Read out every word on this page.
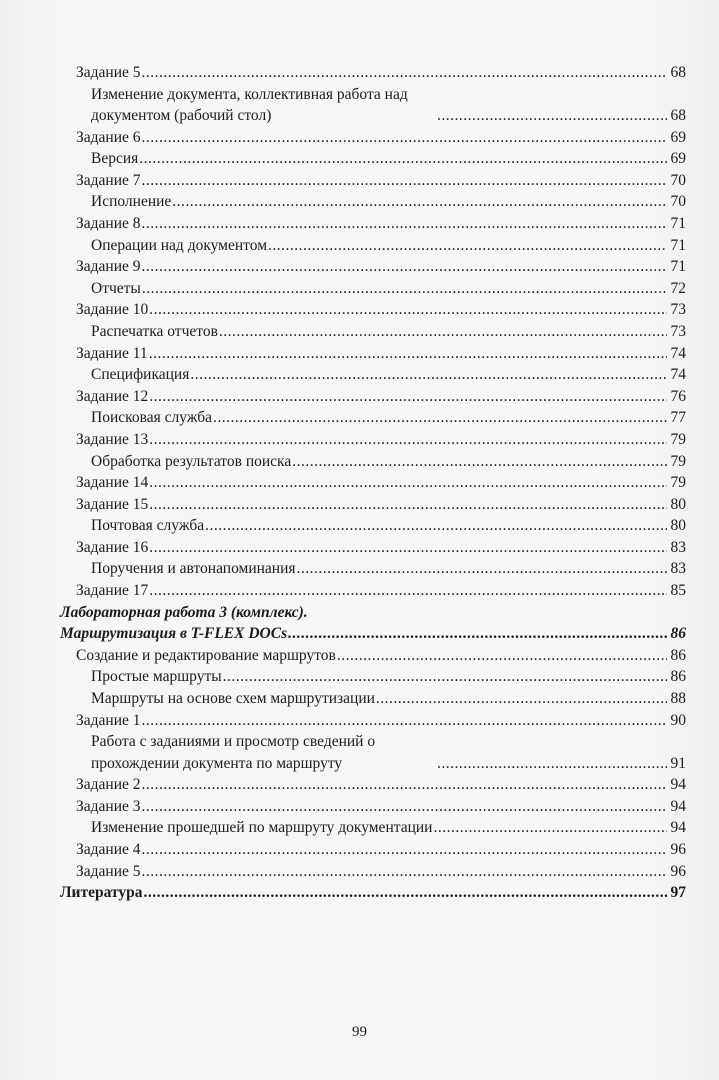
Задание 5 .....	68
Изменение документа, коллективная работа над документом (рабочий стол) .....	68
Задание 6 .....	69
Версия .....	69
Задание 7 .....	70
Исполнение .....	70
Задание 8 .....	71
Операции над документом .....	71
Задание 9 .....	71
Отчеты .....	72
Задание 10 .....	73
Распечатка отчетов .....	73
Задание 11 .....	74
Спецификация .....	74
Задание 12 .....	76
Поисковая служба .....	77
Задание 13 .....	79
Обработка результатов поиска .....	79
Задание 14 .....	79
Задание 15 .....	80
Почтовая служба .....	80
Задание 16 .....	83
Поручения и автонапоминания .....	83
Задание 17 .....	85
Лабораторная работа 3 (комплекс).
Маршрутизация в T-FLEX DOCs .....	86
Создание и редактирование маршрутов .....	86
Простые маршруты .....	86
Маршруты на основе схем маршрутизации .....	88
Задание 1 .....	90
Работа с заданиями и просмотр сведений о прохождении документа по маршруту .....	91
Задание 2 .....	94
Задание 3 .....	94
Изменение прошедшей по маршруту документации .....	94
Задание 4 .....	96
Задание 5 .....	96
Литература .....	97
99
